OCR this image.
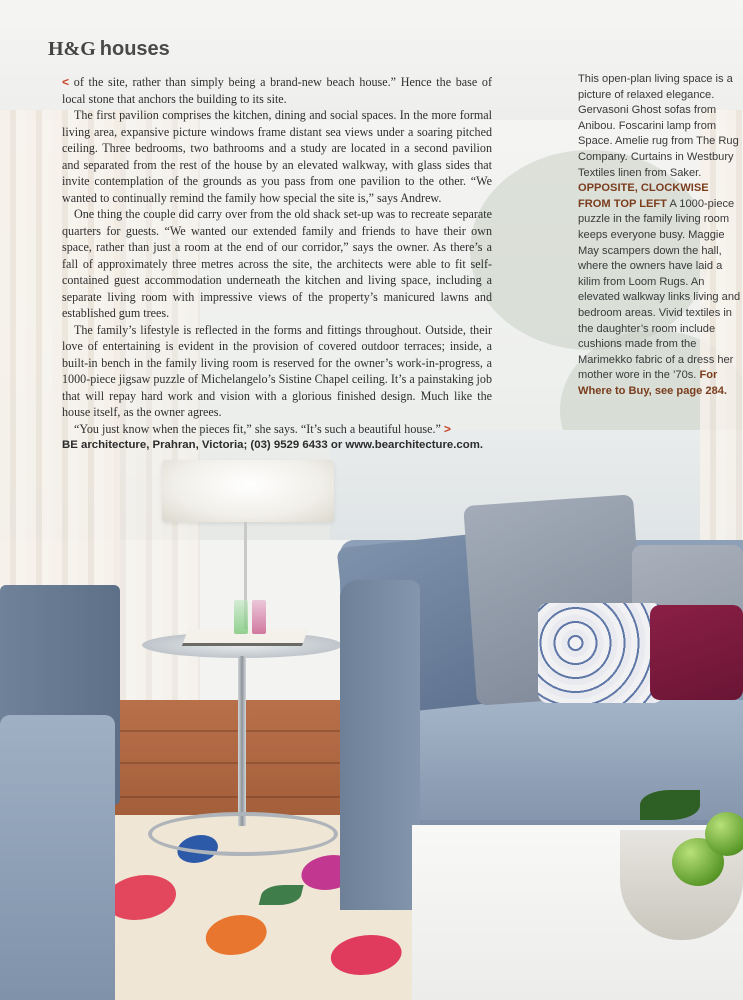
H&G houses

< of the site, rather than simply being a brand-new beach house.” Hence the base of local stone that anchors the building to its site.

The first pavilion comprises the kitchen, dining and social spaces. In the more formal living area, expansive picture windows frame distant sea views under a soaring pitched ceiling. Three bedrooms, two bathrooms and a study are located in a second pavilion and separated from the rest of the house by an elevated walkway, with glass sides that invite contemplation of the grounds as you pass from one pavilion to the other. “We wanted to continually remind the family how special the site is,” says Andrew.

One thing the couple did carry over from the old shack set-up was to recreate separate quarters for guests. “We wanted our extended family and friends to have their own space, rather than just a room at the end of our corridor,” says the owner. As there’s a fall of approximately three metres across the site, the architects were able to fit self-contained guest accommodation underneath the kitchen and living space, including a separate living room with impressive views of the property’s manicured lawns and established gum trees.

The family’s lifestyle is reflected in the forms and fittings throughout. Outside, their love of entertaining is evident in the provision of covered outdoor terraces; inside, a built-in bench in the family living room is reserved for the owner’s work-in-progress, a 1000-piece jigsaw puzzle of Michelangelo’s Sistine Chapel ceiling. It’s a painstaking job that will repay hard work and vision with a glorious finished design. Much like the house itself, as the owner agrees.

“You just know when the pieces fit,” she says. “It’s such a beautiful house.” >

BE architecture, Prahran, Victoria; (03) 9529 6433 or www.bearchitecture.com.

This open-plan living space is a picture of relaxed elegance. Gervasoni Ghost sofas from Anibou. Foscarini lamp from Space. Amelie rug from The Rug Company. Curtains in Westbury Textiles linen from Saker. OPPOSITE, CLOCKWISE FROM TOP LEFT A 1000-piece puzzle in the family living room keeps everyone busy. Maggie May scampers down the hall, where the owners have laid a kilim from Loom Rugs. An elevated walkway links living and bedroom areas. Vivid textiles in the daughter’s room include cushions made from the Marimekko fabric of a dress her mother wore in the ’70s. For Where to Buy, see page 284.
